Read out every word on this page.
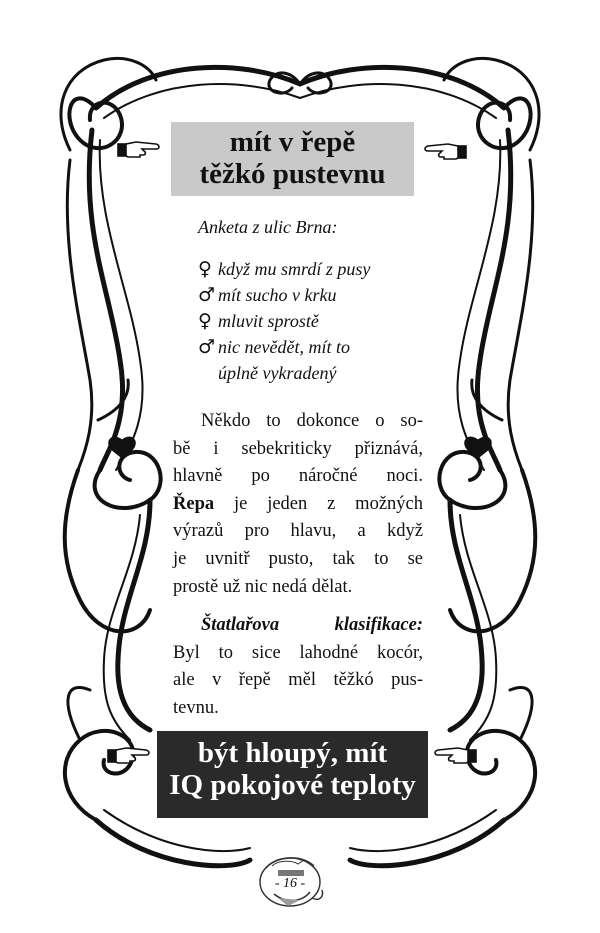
mít v řepě
těžkó pustevnu
Anketa z ulic Brna:
♀ když mu smrdí z pusy
♂ mít sucho v krku
♀ mluvit sprostě
♂ nic nevědět, mít to
úplně vykradený
Někdo to dokonce o so-
bě i sebekriticky přiznává,
hlavně po náročné noci.
Řepa je jeden z možných
výrazů pro hlavu, a když
je uvnitř pusto, tak to se
prostě už nic nedá dělat.
Štatlařova klasifikace:
Byl to sice lahodné kocór,
ale v řepě měl těžkó pus-
tevnu.
být hloupý, mít
IQ pokojové teploty
- 16 -
